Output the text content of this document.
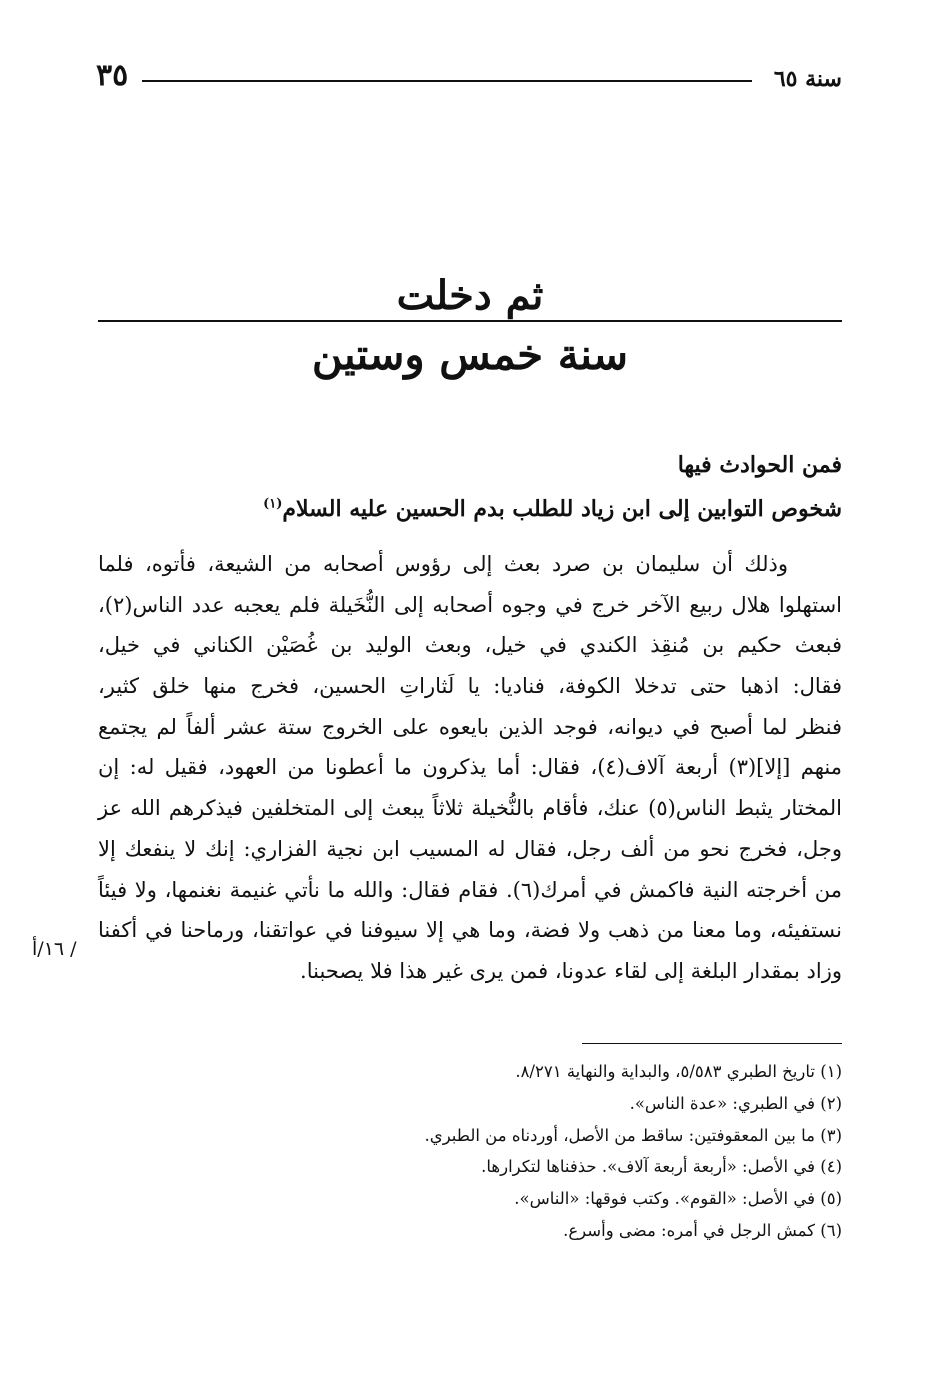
سنة ٦٥
٣٥
ثم دخلت
سنة خمس وستين
فمن الحوادث فيها
شخوص التوابين إلى ابن زياد للطلب بدم الحسين عليه السلام$^{(١)}$
وذلك أن سليمان بن صرد بعث إلى رؤوس أصحابه من الشيعة، فأتوه، فلما
استهلوا هلال ربيع الآخر خرج في وجوه أصحابه إلى النُّخَيلة فلم يعجبه عدد الناس(٢)،
فبعث حكيم بن مُنقِذ الكندي في خيل، وبعث الوليد بن غُصَيْن الكناني في خيل،
فقال: اذهبا حتى تدخلا الكوفة، فناديا: يا لَثاراتِ الحسين، فخرج منها خلق كثير،
فنظر لما أصبح في ديوانه، فوجد الذين بايعوه على الخروج ستة عشر ألفاً لم يجتمع
منهم [إلا](٣) أربعة آلاف(٤)، فقال: أما يذكرون ما أعطونا من العهود، فقيل له: إن
المختار يثبط الناس(٥) عنك، فأقام بالنُّخيلة ثلاثاً يبعث إلى المتخلفين فيذكرهم الله عز
وجل، فخرج نحو من ألف رجل، فقال له المسيب ابن نجية الفزاري: إنك لا ينفعك إلا
من أخرجته النية فاكمش في أمرك(٦). فقام فقال: والله ما نأتي غنيمة نغنمها، ولا فيئاً
نستفيئه، وما معنا من ذهب ولا فضة، وما هي إلا سيوفنا في عواتقنا، ورماحنا في أكفنا
وزاد بمقدار البلغة إلى لقاء عدونا، فمن يرى غير هذا فلا يصحبنا.
/ ١٦/أ
(١) تاريخ الطبري ٥/٥٨٣، والبداية والنهاية ٨/٢٧١.
(٢) في الطبري: «عدة الناس».
(٣) ما بين المعقوفتين: ساقط من الأصل، أوردناه من الطبري.
(٤) في الأصل: «أربعة أربعة آلاف». حذفناها لتكرارها.
(٥) في الأصل: «القوم». وكتب فوقها: «الناس».
(٦) كمش الرجل في أمره: مضى وأسرع.
